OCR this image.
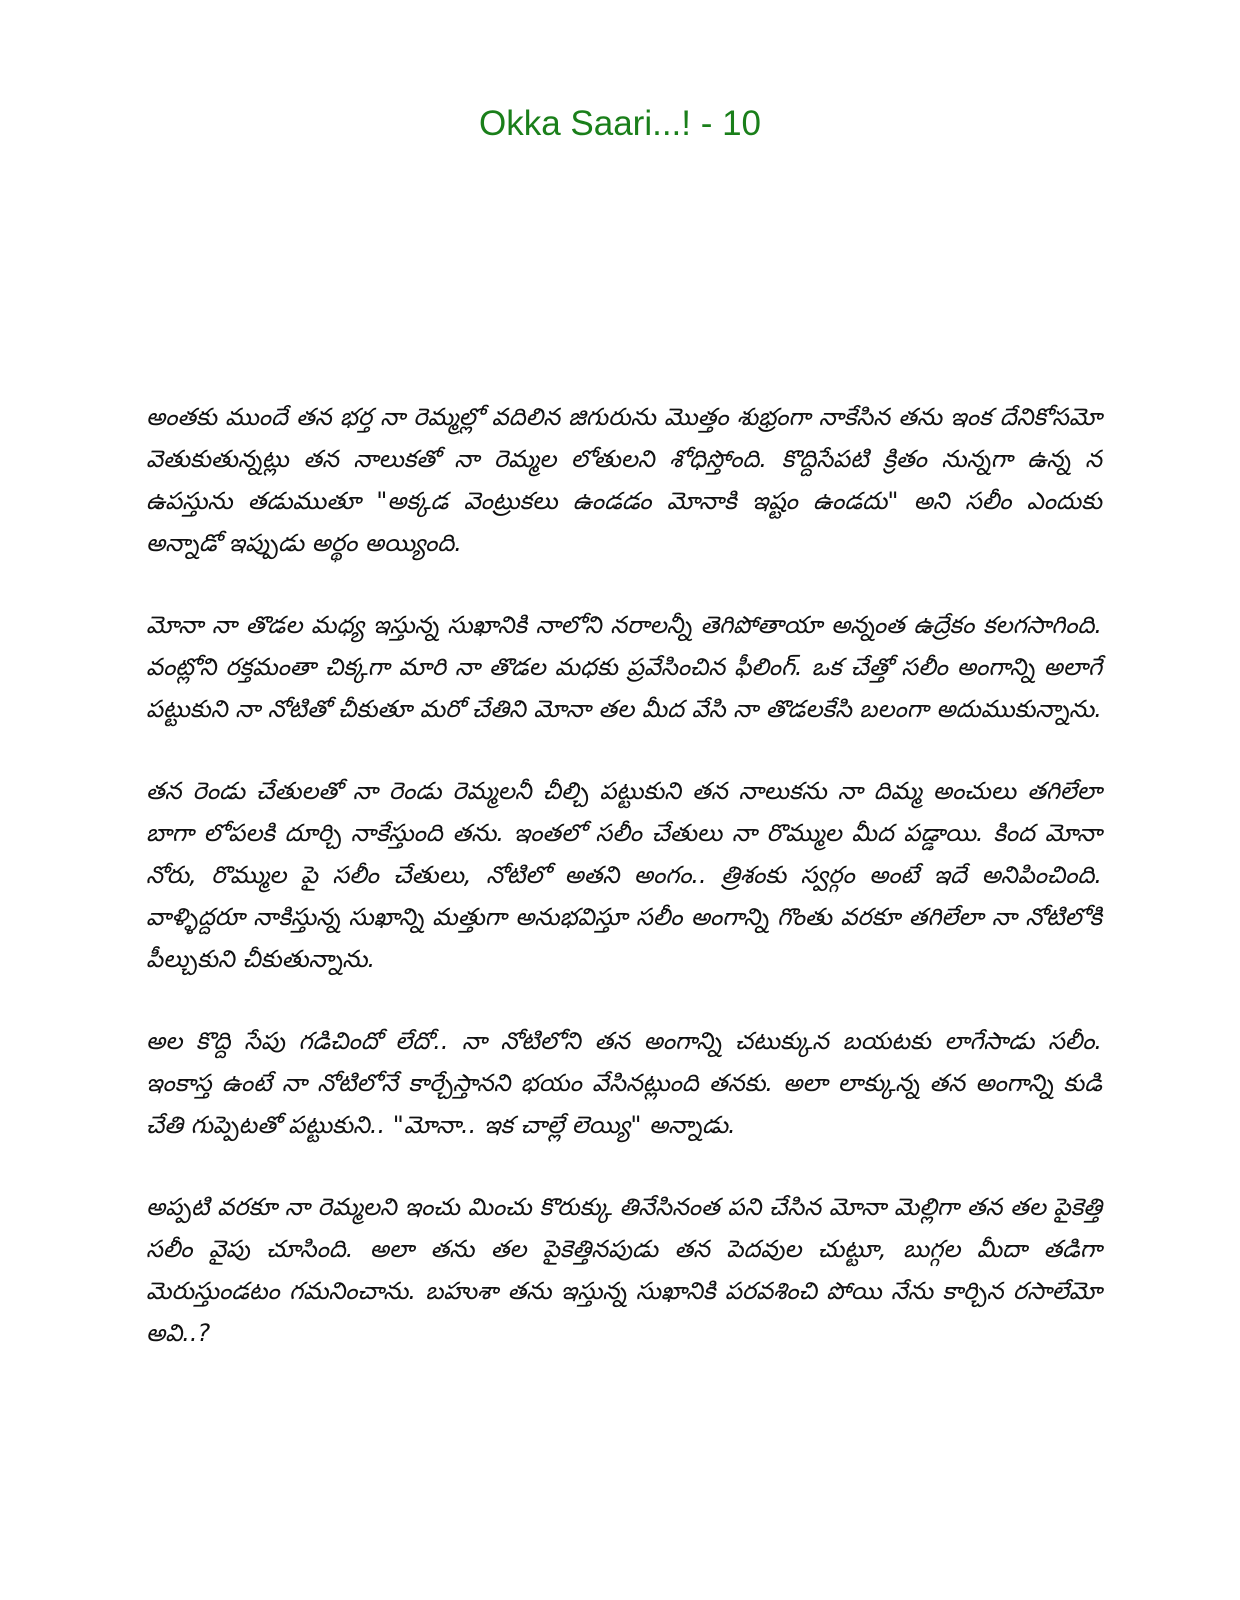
Okka Saari...! - 10

అంతకు ముందే తన భర్త నా రెమ్మల్లో వదిలిన జిగురును మొత్తం శుభ్రంగా నాకేసిన తను ఇంక దేనికోసమో వెతుకుతున్నట్లు తన నాలుకతో నా రెమ్మల లోతులని శోధిస్తోంది. కొద్దిసేపటి క్రితం నున్నగా ఉన్న న ఉపస్తును తడుముతూ "అక్కడ వెంట్రుకలు ఉండడం మోనాకి ఇష్టం ఉండదు" అని సలీం ఎందుకు అన్నాడో ఇప్పుడు అర్థం అయ్యింది.

మోనా నా తొడల మధ్య ఇస్తున్న సుఖానికి నాలోని నరాలన్నీ తెగిపోతాయా అన్నంత ఉద్రేకం కలగసాగింది. వంట్లోని రక్తమంతా చిక్కగా మారి నా తొడల మధకు ప్రవేసించిన ఫీలింగ్. ఒక చేత్తో సలీం అంగాన్ని అలాగే పట్టుకుని నా నోటితో చీకుతూ మరో చేతిని మోనా తల మీద వేసి నా తొడలకేసి బలంగా అదుముకున్నాను.

తన రెండు చేతులతో నా రెండు రెమ్మలనీ చీల్చి పట్టుకుని తన నాలుకను నా దిమ్మ అంచులు తగిలేలా బాగా లోపలకి దూర్చి నాకేస్తుంది తను. ఇంతలో సలీం చేతులు నా రొమ్ముల మీద పడ్డాయి. కింద మోనా నోరు, రొమ్ముల పై సలీం చేతులు, నోటిలో అతని అంగం.. త్రిశంకు స్వర్గం అంటే ఇదే అనిపించింది. వాళ్ళిద్దరూ నాకిస్తున్న సుఖాన్ని మత్తుగా అనుభవిస్తూ సలీం అంగాన్ని గొంతు వరకూ తగిలేలా నా నోటిలోకి పీల్చుకుని చీకుతున్నాను.

అల కొద్ది సేపు గడిచిందో లేదో.. నా నోటిలోని తన అంగాన్ని చటుక్కున బయటకు లాగేసాడు సలీం. ఇంకాస్త ఉంటే నా నోటిలోనే కార్చేస్తానని భయం వేసినట్లుంది తనకు. అలా లాక్కున్న తన అంగాన్ని కుడి చేతి గుప్పెటతో పట్టుకుని.. "మోనా.. ఇక చాల్లే లెయ్యి" అన్నాడు.

అప్పటి వరకూ నా రెమ్మలని ఇంచు మించు కొరుక్కు తినేసినంత పని చేసిన మోనా మెల్లిగా తన తల పైకెత్తి సలీం వైపు చూసింది. అలా తను తల పైకెత్తినపుడు తన పెదవుల చుట్టూ, బుగ్గల మీదా తడిగా మెరుస్తుండటం గమనించాను. బహుశా తను ఇస్తున్న సుఖానికి పరవశించి పోయి నేను కార్చిన రసాలేమో అవి..?
